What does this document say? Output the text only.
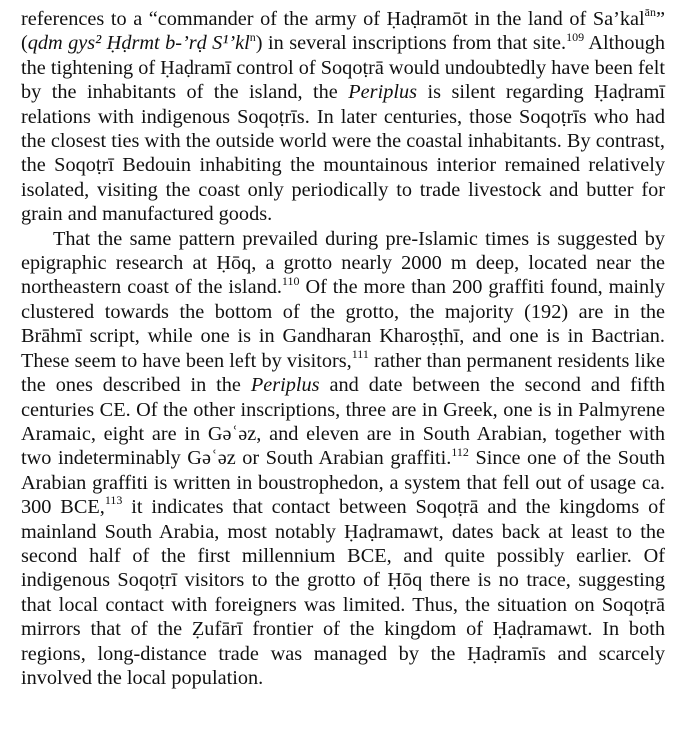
references to a “commander of the army of Ḥaḍramōt in the land of Sa’kal$^{ān}$” (qdm gys² Ḥḍrmt b-’rḍ $S^1’kl^n$) in several inscriptions from that site.$^{109}$ Although the tightening of Ḥaḍramī control of Soqoṭrā would undoubtedly have been felt by the inhabitants of the island, the Periplus is silent regarding Ḥaḍramī relations with indigenous Soqoṭrīs. In later centuries, those Soqoṭrīs who had the closest ties with the outside world were the coastal inhabitants. By contrast, the Soqoṭrī Bedouin inhabiting the mountainous interior remained relatively isolated, visiting the coast only periodically to trade livestock and butter for grain and manufactured goods.

That the same pattern prevailed during pre-Islamic times is suggested by epigraphic research at Ḥōq, a grotto nearly 2000 m deep, located near the northeastern coast of the island.$^{110}$ Of the more than 200 graffiti found, mainly clustered towards the bottom of the grotto, the majority (192) are in the Brāhmī script, while one is in Gandharan Kharoṣṭhī, and one is in Bactrian. These seem to have been left by visitors,$^{111}$ rather than permanent residents like the ones described in the Periplus and date between the second and fifth centuries CE. Of the other inscriptions, three are in Greek, one is in Palmyrene Aramaic, eight are in Gəʿəz, and eleven are in South Arabian, together with two indeterminably Gəʿəz or South Arabian graffiti.$^{112}$ Since one of the South Arabian graffiti is written in boustrophedon, a system that fell out of usage ca. 300 BCE,$^{113}$ it indicates that contact between Soqoṭrā and the kingdoms of mainland South Arabia, most notably Ḥaḍramawt, dates back at least to the second half of the first millennium BCE, and quite possibly earlier. Of indigenous Soqoṭrī visitors to the grotto of Ḥōq there is no trace, suggesting that local contact with foreigners was limited. Thus, the situation on Soqoṭrā mirrors that of the Ẓufārī frontier of the kingdom of Ḥaḍramawt. In both regions, long-distance trade was managed by the Ḥaḍramīs and scarcely involved the local population.
